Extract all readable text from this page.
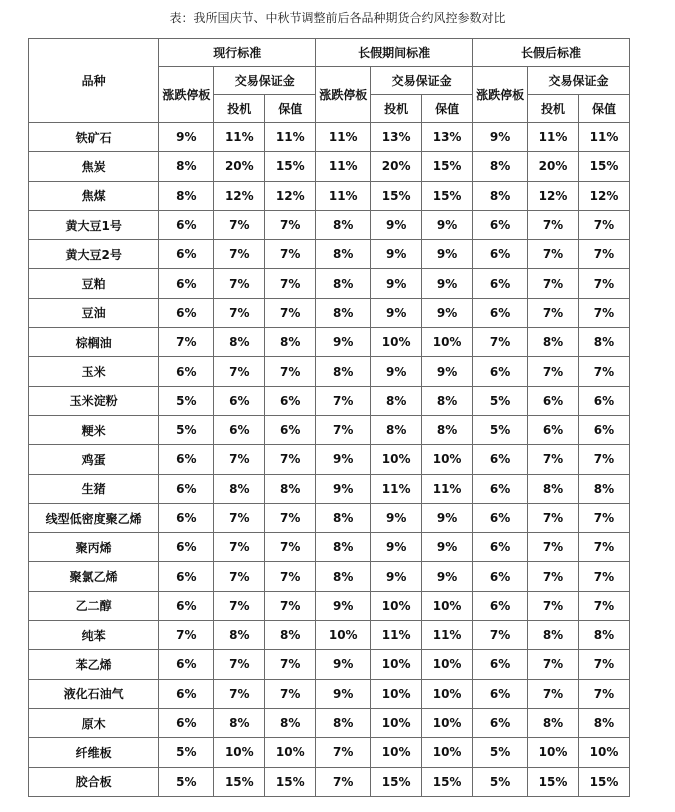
表：我所国庆节、中秋节调整前后各品种期货合约风控参数对比
品种	现行标准			长假期间标准			长假后标准		
	涨跌停板	交易保证金		涨跌停板	交易保证金		涨跌停板	交易保证金	
		投机	保值		投机	保值		投机	保值
铁矿石	9%	11%	11%	11%	13%	13%	9%	11%	11%
焦炭	8%	20%	15%	11%	20%	15%	8%	20%	15%
焦煤	8%	12%	12%	11%	15%	15%	8%	12%	12%
黄大豆1号	6%	7%	7%	8%	9%	9%	6%	7%	7%
黄大豆2号	6%	7%	7%	8%	9%	9%	6%	7%	7%
豆粕	6%	7%	7%	8%	9%	9%	6%	7%	7%
豆油	6%	7%	7%	8%	9%	9%	6%	7%	7%
棕榈油	7%	8%	8%	9%	10%	10%	7%	8%	8%
玉米	6%	7%	7%	8%	9%	9%	6%	7%	7%
玉米淀粉	5%	6%	6%	7%	8%	8%	5%	6%	6%
粳米	5%	6%	6%	7%	8%	8%	5%	6%	6%
鸡蛋	6%	7%	7%	9%	10%	10%	6%	7%	7%
生猪	6%	8%	8%	9%	11%	11%	6%	8%	8%
线型低密度聚乙烯	6%	7%	7%	8%	9%	9%	6%	7%	7%
聚丙烯	6%	7%	7%	8%	9%	9%	6%	7%	7%
聚氯乙烯	6%	7%	7%	8%	9%	9%	6%	7%	7%
乙二醇	6%	7%	7%	9%	10%	10%	6%	7%	7%
纯苯	7%	8%	8%	10%	11%	11%	7%	8%	8%
苯乙烯	6%	7%	7%	9%	10%	10%	6%	7%	7%
液化石油气	6%	7%	7%	9%	10%	10%	6%	7%	7%
原木	6%	8%	8%	8%	10%	10%	6%	8%	8%
纤维板	5%	10%	10%	7%	10%	10%	5%	10%	10%
胶合板	5%	15%	15%	7%	15%	15%	5%	15%	15%
